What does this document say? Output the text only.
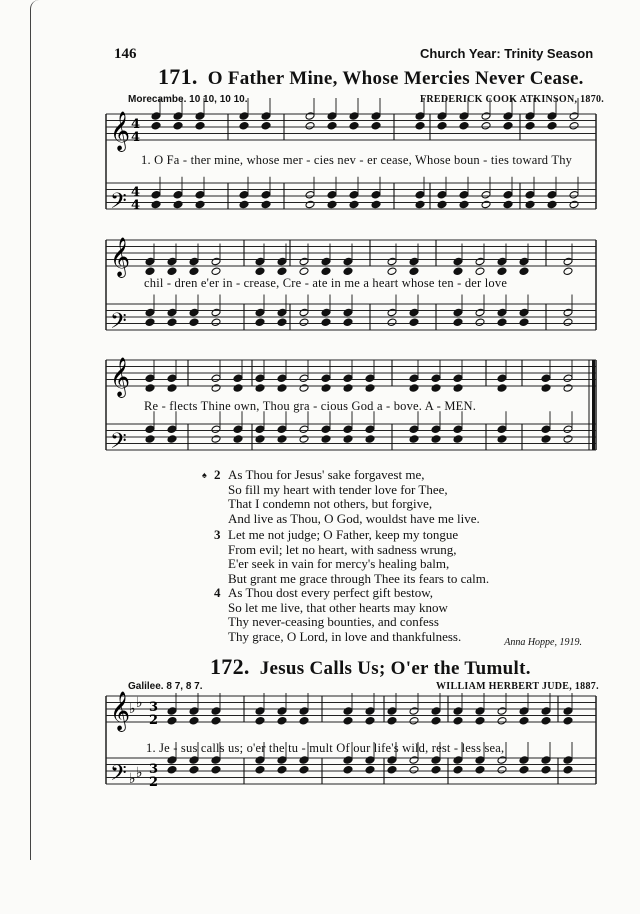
146	Church Year: Trinity Season
171. O Father Mine, Whose Mercies Never Cease.
Morecambe. 10 10, 10 10.	FREDERICK COOK ATKINSON, 1870.
𝄞
𝄢
𝄞
𝄢
𝄞
𝄢
𝄞
𝄢
4
4
4
4
3
2
3
2
♭ ♭
♭ ♭
1. O Fa - ther mine, whose mer - cies nev - er cease, Whose boun - ties toward Thy
chil - dren e'er in - crease, Cre - ate in me a heart whose ten - der love
Re - flects Thine own, Thou gra - cious God a - bove. A - MEN.
♠ 2 As Thou for Jesus' sake forgavest me,
So fill my heart with tender love for Thee,
That I condemn not others, but forgive,
And live as Thou, O God, wouldst have me live.
3 Let me not judge; O Father, keep my tongue
From evil; let no heart, with sadness wrung,
E'er seek in vain for mercy's healing balm,
But grant me grace through Thee its fears to calm.
4 As Thou dost every perfect gift bestow,
So let me live, that other hearts may know
Thy never-ceasing bounties, and confess
Thy grace, O Lord, in love and thankfulness.	Anna Hoppe, 1919.
172. Jesus Calls Us; O'er the Tumult.
Galilee. 8 7, 8 7.	WILLIAM HERBERT JUDE, 1887.
1. Je - sus calls us; o'er the tu - mult Of our life's wild, rest - less sea,
